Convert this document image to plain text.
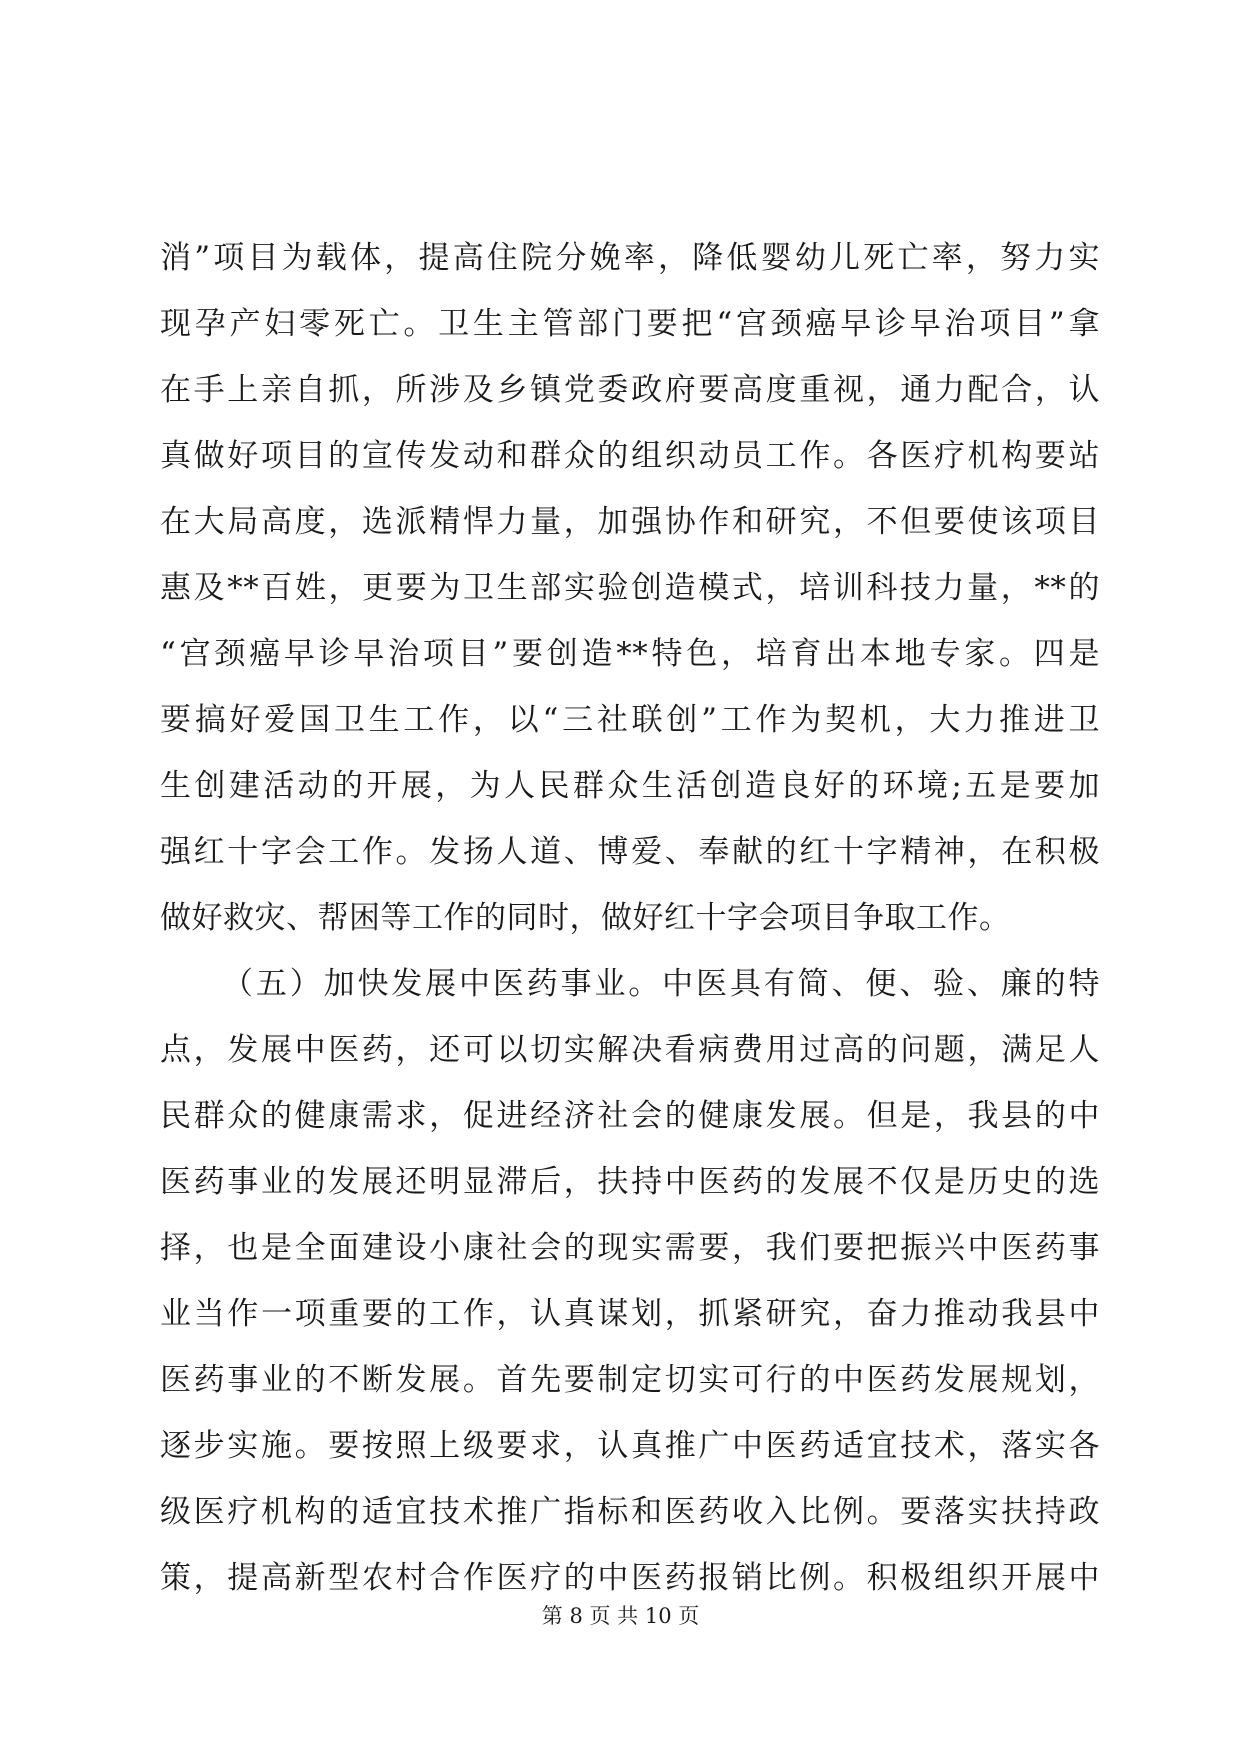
消”项目为载体，提高住院分娩率，降低婴幼儿死亡率，努力实
现孕产妇零死亡。卫生主管部门要把“宫颈癌早诊早治项目”拿
在手上亲自抓，所涉及乡镇党委政府要高度重视，通力配合，认
真做好项目的宣传发动和群众的组织动员工作。各医疗机构要站
在大局高度，选派精悍力量，加强协作和研究，不但要使该项目
惠及**百姓，更要为卫生部实验创造模式，培训科技力量，**的
“宫颈癌早诊早治项目”要创造**特色，培育出本地专家。四是
要搞好爱国卫生工作，以“三社联创”工作为契机，大力推进卫
生创建活动的开展，为人民群众生活创造良好的环境;五是要加
强红十字会工作。发扬人道、博爱、奉献的红十字精神，在积极
做好救灾、帮困等工作的同时，做好红十字会项目争取工作。
（五）加快发展中医药事业。中医具有简、便、验、廉的特
点，发展中医药，还可以切实解决看病费用过高的问题，满足人
民群众的健康需求，促进经济社会的健康发展。但是，我县的中
医药事业的发展还明显滞后，扶持中医药的发展不仅是历史的选
择，也是全面建设小康社会的现实需要，我们要把振兴中医药事
业当作一项重要的工作，认真谋划，抓紧研究，奋力推动我县中
医药事业的不断发展。首先要制定切实可行的中医药发展规划，
逐步实施。要按照上级要求，认真推广中医药适宜技术，落实各
级医疗机构的适宜技术推广指标和医药收入比例。要落实扶持政
策，提高新型农村合作医疗的中医药报销比例。积极组织开展中
第 8 页 共 10 页
